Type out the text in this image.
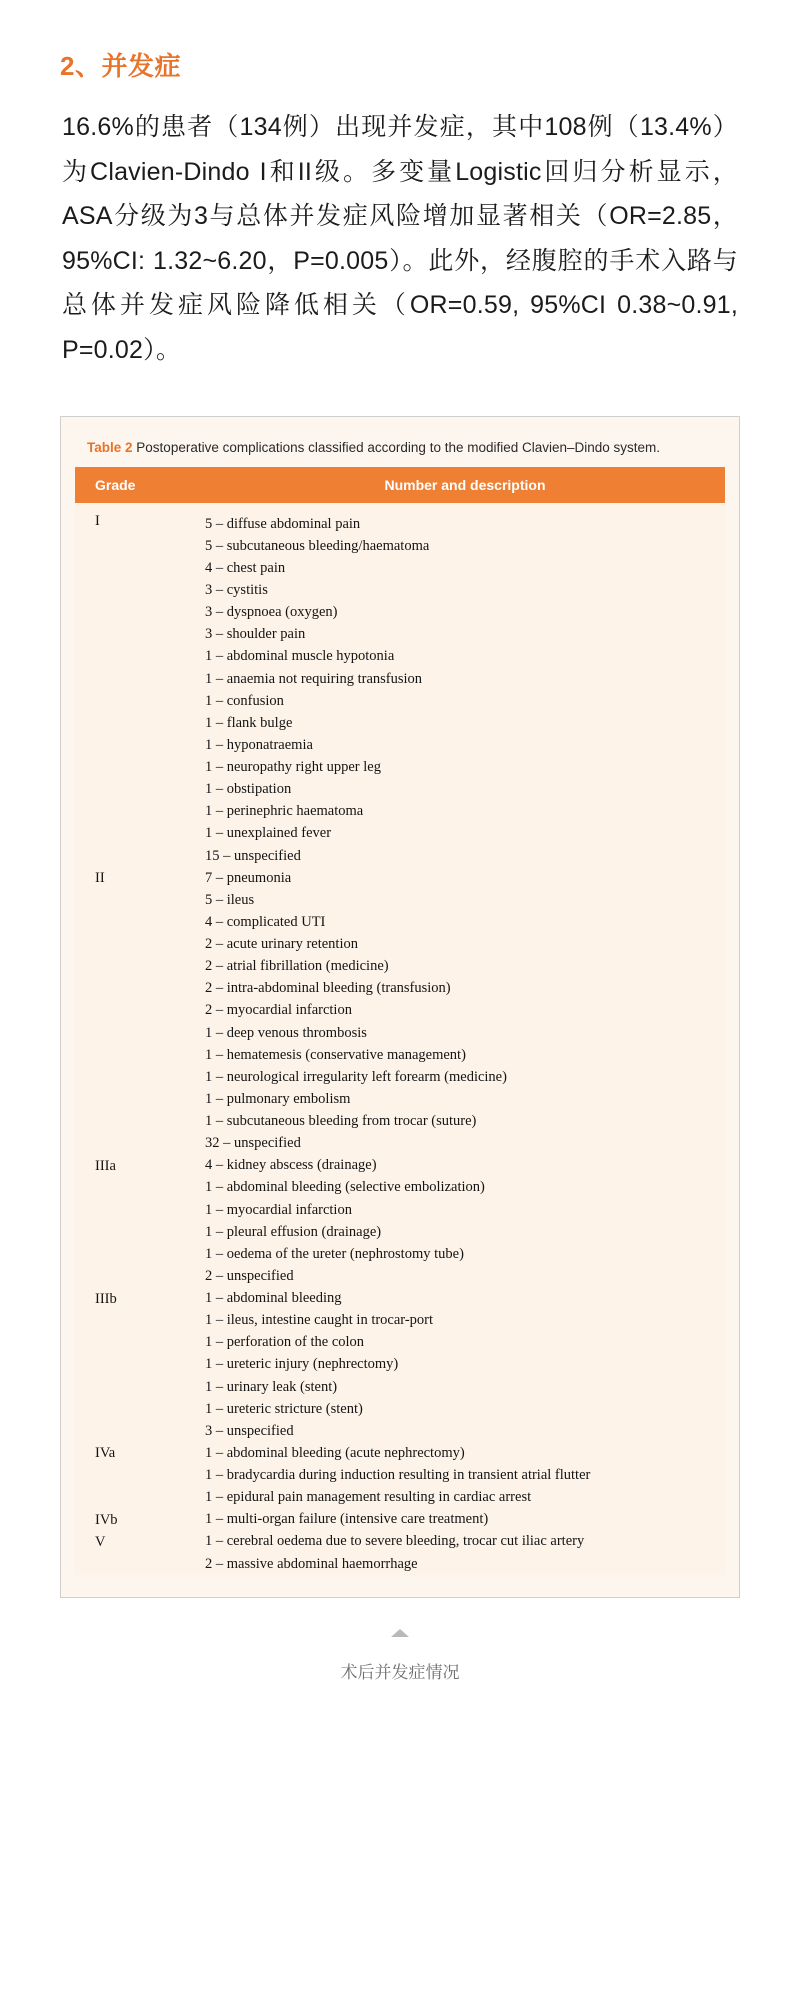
2、并发症

16.6%的患者（134例）出现并发症，其中108例（13.4%）为Clavien-Dindo I和II级。多变量Logistic回归分析显示，ASA分级为3与总体并发症风险增加显著相关（OR=2.85，95%CI: 1.32~6.20，P=0.005）。此外，经腹腔的手术入路与总体并发症风险降低相关（OR=0.59, 95%CI 0.38~0.91, P=0.02）。

Table 2 Postoperative complications classified according to the modified Clavien–Dindo system.
Grade	Number and description
I	5 – diffuse abdominal pain
5 – subcutaneous bleeding/haematoma
4 – chest pain
3 – cystitis
3 – dyspnoea (oxygen)
3 – shoulder pain
1 – abdominal muscle hypotonia
1 – anaemia not requiring transfusion
1 – confusion
1 – flank bulge
1 – hyponatraemia
1 – neuropathy right upper leg
1 – obstipation
1 – perinephric haematoma
1 – unexplained fever
15 – unspecified

II	7 – pneumonia
5 – ileus
4 – complicated UTI
2 – acute urinary retention
2 – atrial fibrillation (medicine)
2 – intra-abdominal bleeding (transfusion)
2 – myocardial infarction
1 – deep venous thrombosis
1 – hematemesis (conservative management)
1 – neurological irregularity left forearm (medicine)
1 – pulmonary embolism
1 – subcutaneous bleeding from trocar (suture)
32 – unspecified

IIIa	4 – kidney abscess (drainage)
1 – abdominal bleeding (selective embolization)
1 – myocardial infarction
1 – pleural effusion (drainage)
1 – oedema of the ureter (nephrostomy tube)
2 – unspecified

IIIb	1 – abdominal bleeding
1 – ileus, intestine caught in trocar-port
1 – perforation of the colon
1 – ureteric injury (nephrectomy)
1 – urinary leak (stent)
1 – ureteric stricture (stent)
3 – unspecified

IVa	1 – abdominal bleeding (acute nephrectomy)
1 – bradycardia during induction resulting in transient atrial flutter
1 – epidural pain management resulting in cardiac arrest

IVb	1 – multi-organ failure (intensive care treatment)

V	1 – cerebral oedema due to severe bleeding, trocar cut iliac artery
2 – massive abdominal haemorrhage
术后并发症情况
